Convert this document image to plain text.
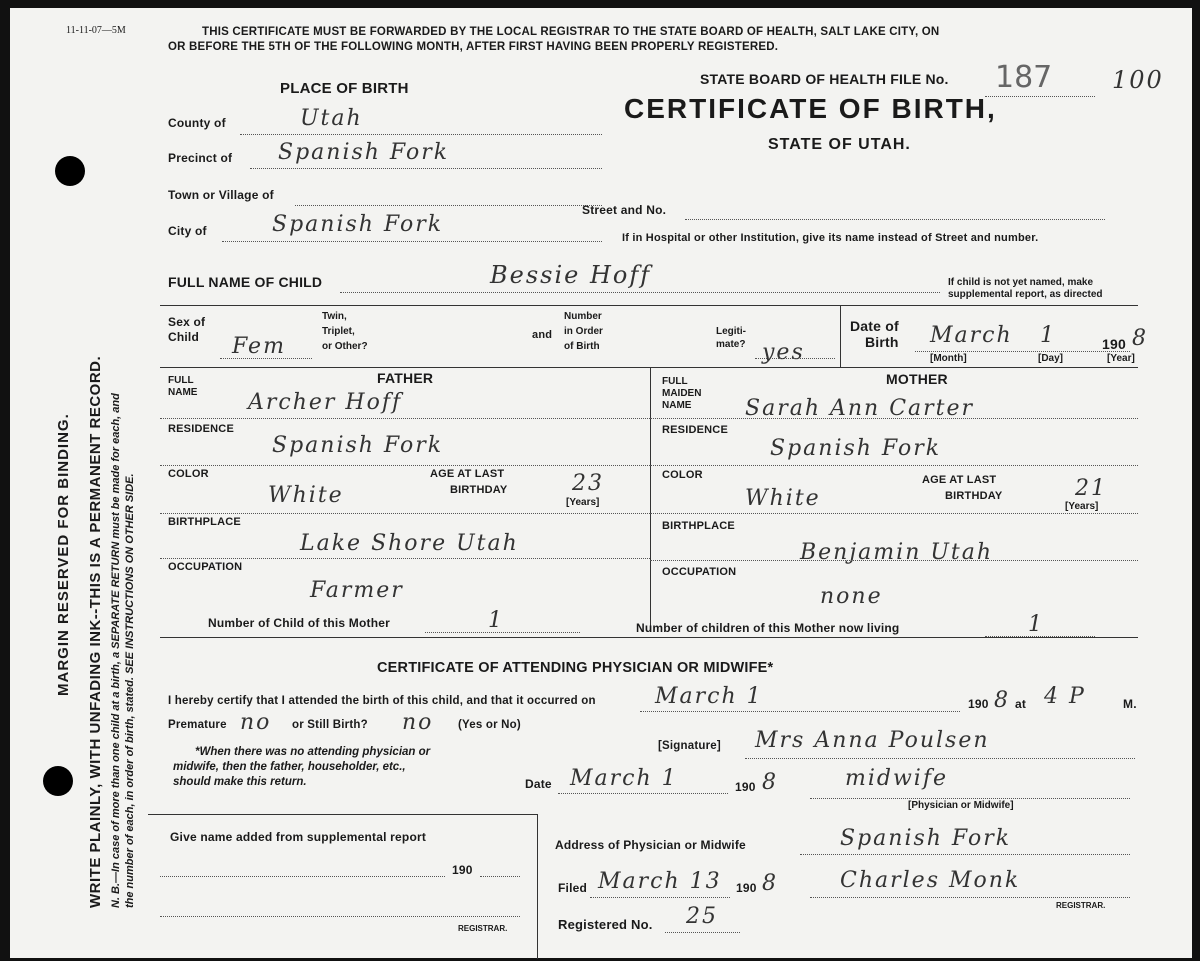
MARGIN RESERVED FOR BINDING. WRITE PLAINLY, WITH UNFADING INK--THIS IS A PERMANENT RECORD. N. B.—In case of more than one child at a birth, a SEPARATE RETURN must be made for each, and the number of each, in order of birth, stated. SEE INSTRUCTIONS ON OTHER SIDE.
11-11-07—5M	THIS CERTIFICATE MUST BE FORWARDED BY THE LOCAL REGISTRAR TO THE STATE BOARD OF HEALTH, SALT LAKE CITY, ON
OR BEFORE THE 5TH OF THE FOLLOWING MONTH, AFTER FIRST HAVING BEEN PROPERLY REGISTERED.
PLACE OF BIRTH
STATE BOARD OF HEALTH FILE No. 187 100
CERTIFICATE OF BIRTH,
STATE OF UTAH.
County of	Utah
Precinct of Spanish Fork
Town or Village of
City of	Spanish Fork
Street and No.
If in Hospital or other Institution, give its name instead of Street and number.
FULL NAME OF CHILD	Bessie Hoff	If child is not yet named, make
supplemental report, as directed
Sex of
Child Fem
Twin,
Triplet,
or Other?
and
Number
in Order
of Birth
Legiti-
mate? yes
Date of
Birth March 1	190 8
[Month]	[Day]	[Year]
FATHER
FULL
NAME Archer Hoff
RESIDENCE
Spanish Fork
COLOR
White
AGE AT LAST
BIRTHDAY	23
[Years]
BIRTHPLACE
Lake Shore Utah
OCCUPATION
Farmer
MOTHER
FULL
MAIDEN
NAME Sarah Ann Carter
RESIDENCE
Spanish Fork
COLOR
White
AGE AT LAST
BIRTHDAY	21
[Years]
BIRTHPLACE
Benjamin Utah
OCCUPATION
none
Number of Child of this Mother	1	Number of children of this Mother now living	1
CERTIFICATE OF ATTENDING PHYSICIAN OR MIDWIFE*
I hereby certify that I attended the birth of this child, and that it occurred on	March 1	190 8 at 4 P	M.
Premature no or Still Birth? no (Yes or No)
*When there was no attending physician or
midwife, then the father, householder, etc.,
should make this return.
[Signature] Mrs Anna Poulsen
Date March 1	190 8	midwife
[Physician or Midwife]
Give name added from supplemental report
190
REGISTRAR.
Address of Physician or Midwife	Spanish Fork
Filed March 13 190 8	Charles Monk
REGISTRAR.
Registered No. 25
